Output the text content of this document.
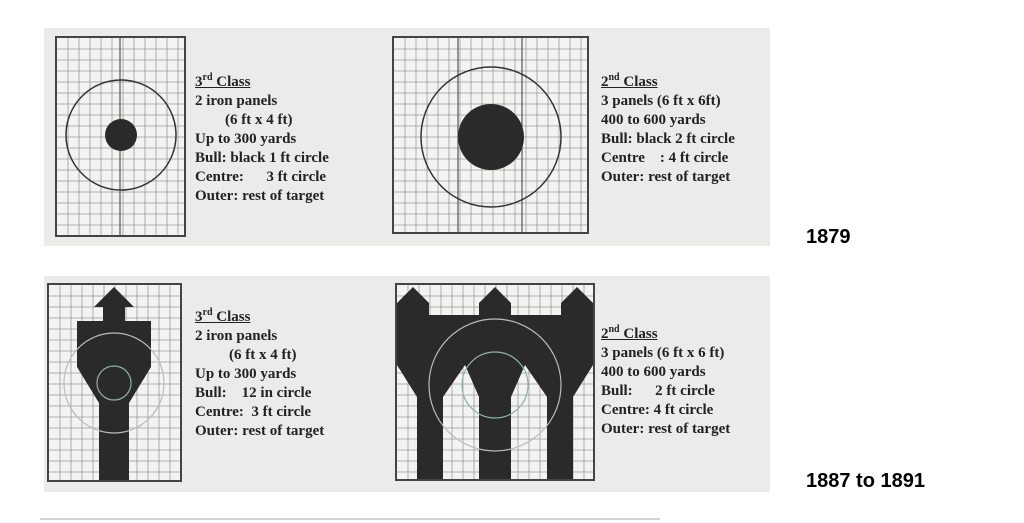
3rd Class
2 iron panels
(6 ft x 4 ft)
Up to 300 yards
Bull: black 1 ft circle
Centre:      3 ft circle
Outer: rest of target
2nd Class
3 panels (6 ft x 6ft)
400 to 600 yards
Bull: black 2 ft circle
Centre    : 4 ft circle
Outer: rest of target
1879
3rd Class
2 iron panels
(6 ft x 4 ft)
Up to 300 yards
Bull:    12 in circle
Centre:  3 ft circle
Outer: rest of target
2nd Class
3 panels (6 ft x 6 ft)
400 to 600 yards
Bull:      2 ft circle
Centre: 4 ft circle
Outer: rest of target
1887 to 1891
